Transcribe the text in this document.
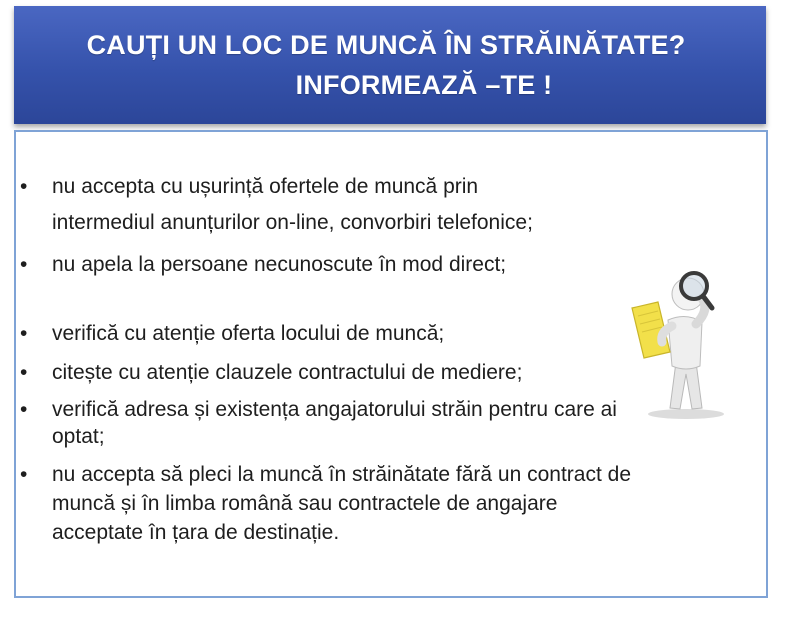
CAUȚI UN LOC DE MUNCĂ ÎN STRĂINĂTATE?
INFORMEAZĂ –TE !
•	nu accepta cu ușurință ofertele de muncă prin
intermediul anunțurilor on-line, convorbiri telefonice;
•	nu apela la persoane necunoscute în mod direct;
•	verifică cu atenție oferta locului de muncă;
•	citește cu atenție clauzele contractului de mediere;
•	verifică adresa și existența angajatorului străin pentru care ai
optat;
•	nu accepta să pleci la muncă în străinătate fără un contract de
muncă și în limba română sau contractele de angajare
acceptate în țara de destinație.
